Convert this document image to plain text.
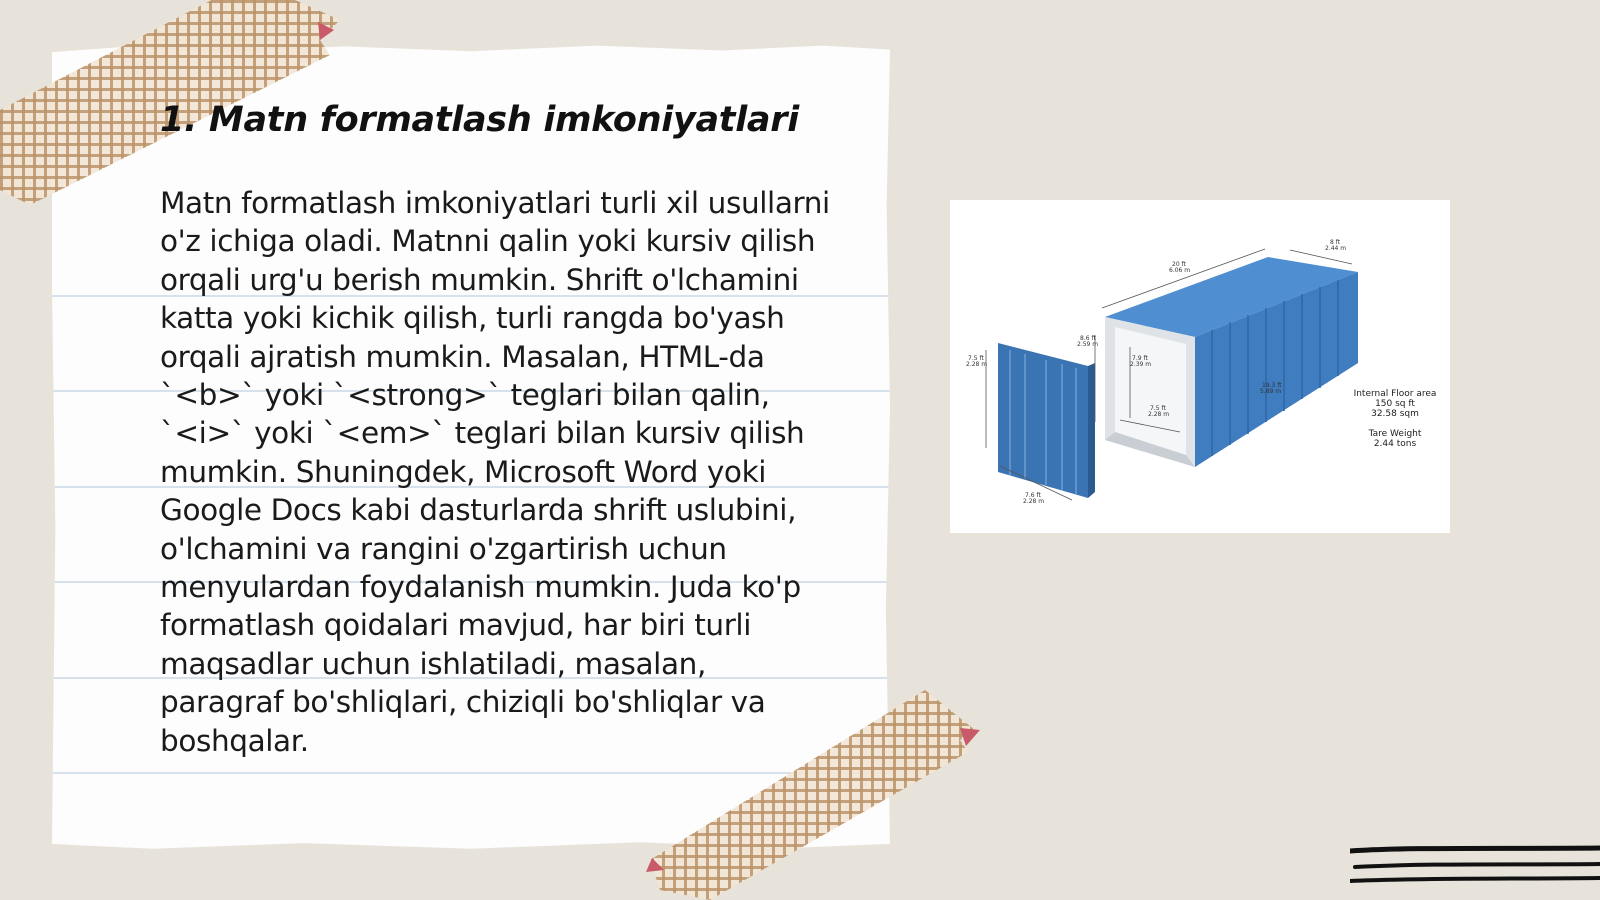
1. Matn formatlash imkoniyatlari

Matn formatlash imkoniyatlari turli xil usullarni o'z ichiga oladi. Matnni qalin yoki kursiv qilish orqali urg'u berish mumkin. Shrift o'lchamini katta yoki kichik qilish, turli rangda bo'yash orqali ajratish mumkin. Masalan, HTML-da `<b>` yoki `<strong>` teglari bilan qalin, `<i>` yoki `<em>` teglari bilan kursiv qilish mumkin. Shuningdek, Microsoft Word yoki Google Docs kabi dasturlarda shrift uslubini, o'lchamini va rangini o'zgartirish uchun menyulardan foydalanish mumkin. Juda ko'p formatlash qoidalari mavjud, har biri turli maqsadlar uchun ishlatiladi, masalan, paragraf bo'shliqlari, chiziqli bo'shliqlar va boshqalar.

20 ft
6.06 m
8 ft
2.44 m
8.6 ft
2.59 m
7.5 ft
2.28 m
7.6 ft
2.28 m
7.9 ft
2.39 m
7.5 ft
2.28 m
19.3 ft
5.89 m	Internal Floor area
150 sq ft
32.58 sqm
Tare Weight
2.44 tons
